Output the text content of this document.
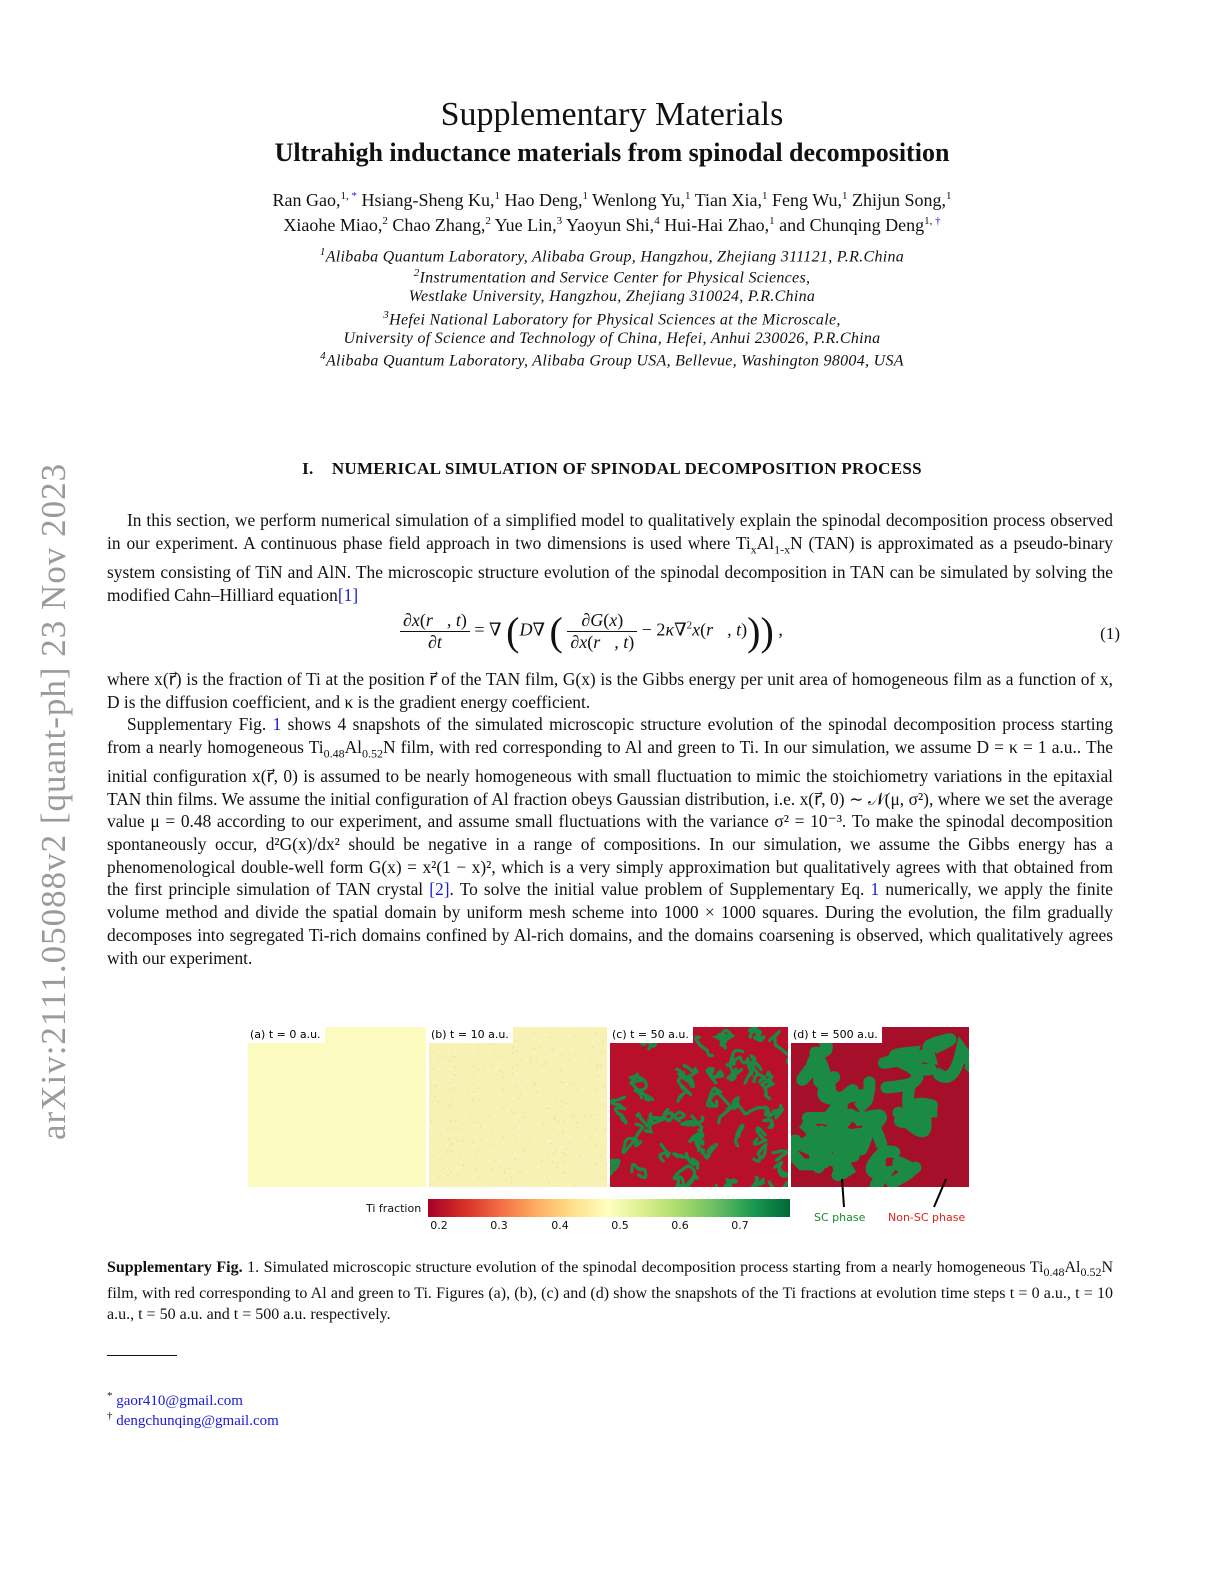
arXiv:2111.05088v2 [quant-ph] 23 Nov 2023
Supplementary Materials
Ultrahigh inductance materials from spinodal decomposition
Ran Gao,$^{1,}$ * Hsiang-Sheng Ku,$^1$ Hao Deng,$^1$ Wenlong Yu,$^1$ Tian Xia,$^1$ Feng Wu,$^1$ Zhijun Song,$^1$
Xiaohe Miao,$^2$ Chao Zhang,$^2$ Yue Lin,$^3$ Yaoyun Shi,$^4$ Hui-Hai Zhao,$^1$ and Chunqing Deng$^{1,}$ †
$^1$Alibaba Quantum Laboratory, Alibaba Group, Hangzhou, Zhejiang 311121, P.R.China
$^2$Instrumentation and Service Center for Physical Sciences,
Westlake University, Hangzhou, Zhejiang 310024, P.R.China
$^3$Hefei National Laboratory for Physical Sciences at the Microscale,
University of Science and Technology of China, Hefei, Anhui 230026, P.R.China
$^4$Alibaba Quantum Laboratory, Alibaba Group USA, Bellevue, Washington 98004, USA
I. NUMERICAL SIMULATION OF SPINODAL DECOMPOSITION PROCESS
In this section, we perform numerical simulation of a simplified model to qualitatively explain the spinodal decomposition process observed in our experiment. A continuous phase field approach in two dimensions is used where $Ti_xAl_{1-x}N$ (TAN) is approximated as a pseudo-binary system consisting of TiN and AlN. The microscopic structure evolution of the spinodal decomposition in TAN can be simulated by solving the modified Cahn–Hilliard equation[1]
$\frac{\partial x(r⃗, t)}{\partial t}$ = ∇ (D∇ ( $\frac{\partial G(x)}{\partial x(r⃗, t)}$ − 2κ∇$^2$x(r⃗, t))) ,	(1)
where x(r⃗) is the fraction of Ti at the position r⃗ of the TAN film, G(x) is the Gibbs energy per unit area of homogeneous film as a function of x, D is the diffusion coefficient, and κ is the gradient energy coefficient.
Supplementary Fig. 1 shows 4 snapshots of the simulated microscopic structure evolution of the spinodal decomposition process starting from a nearly homogeneous $Ti_{0.48}Al_{0.52}N$ film, with red corresponding to Al and green to Ti. In our simulation, we assume D = κ = 1 a.u.. The initial configuration x(r⃗, 0) is assumed to be nearly homogeneous with small fluctuation to mimic the stoichiometry variations in the epitaxial TAN thin films. We assume the initial configuration of Al fraction obeys Gaussian distribution, i.e. x(r⃗, 0) ∼ 𝒩(μ, σ²), where we set the average value μ = 0.48 according to our experiment, and assume small fluctuations with the variance σ² = 10⁻³. To make the spinodal decomposition spontaneously occur, d²G(x)/dx² should be negative in a range of compositions. In our simulation, we assume the Gibbs energy has a phenomenological double-well form G(x) = x²(1 − x)², which is a very simply approximation but qualitatively agrees with that obtained from the first principle simulation of TAN crystal [2]. To solve the initial value problem of Supplementary Eq. 1 numerically, we apply the finite volume method and divide the spatial domain by uniform mesh scheme into 1000 × 1000 squares. During the evolution, the film gradually decomposes into segregated Ti-rich domains confined by Al-rich domains, and the domains coarsening is observed, which qualitatively agrees with our experiment.
(a) t = 0 a.u.	(b) t = 10 a.u.	(c) t = 50 a.u.	(d) t = 500 a.u.
Ti fraction
0.2	0.3	0.4	0.5	0.6	0.7
SC phase Non-SC phase
Supplementary Fig. 1. Simulated microscopic structure evolution of the spinodal decomposition process starting from a nearly homogeneous $Ti_{0.48}Al_{0.52}N$ film, with red corresponding to Al and green to Ti. Figures (a), (b), (c) and (d) show the snapshots of the Ti fractions at evolution time steps t = 0 a.u., t = 10 a.u., t = 50 a.u. and t = 500 a.u. respectively.
* gaor410@gmail.com
† dengchunqing@gmail.com
